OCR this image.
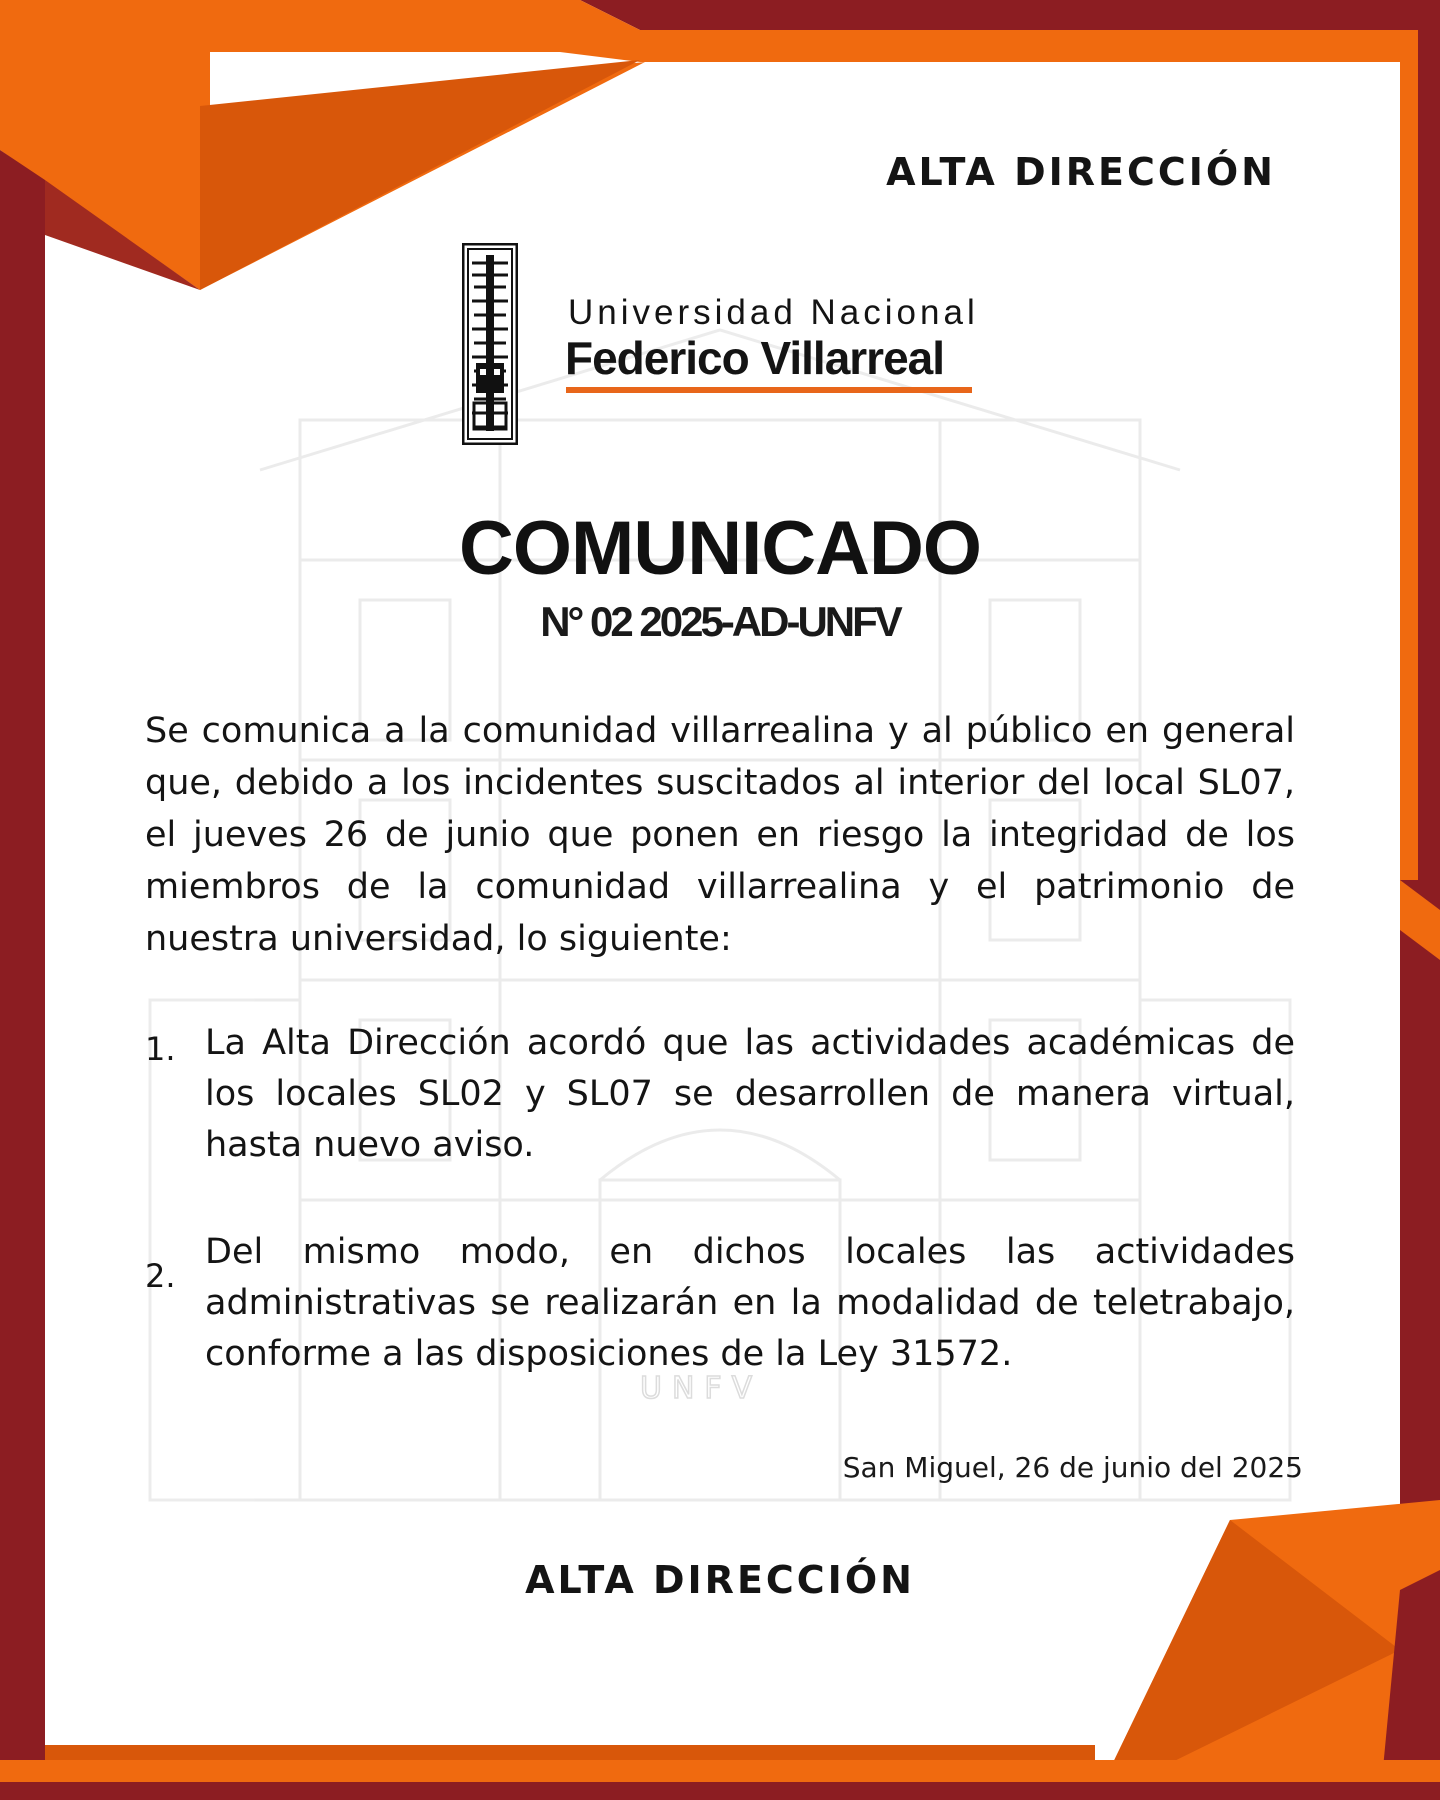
UNFV
ALTA DIRECCIÓN
Universidad Nacional
Federico Villarreal
COMUNICADO
N° 02 2025-AD-UNFV

Se comunica a la comunidad villarrealina y al público en general que, debido a los incidentes suscitados al interior del local SL07, el jueves 26 de junio que ponen en riesgo la integridad de los miembros de la comunidad villarrealina y el patrimonio de nuestra universidad, lo siguiente:

1. La Alta Dirección acordó que las actividades académicas de los locales SL02 y SL07 se desarrollen de manera virtual, hasta nuevo aviso.

2.

Del mismo modo, en dichos locales las actividades administrativas se realizarán en la modalidad de teletrabajo, conforme a las disposiciones de la Ley 31572.

San Miguel, 26 de junio del 2025

ALTA DIRECCIÓN
